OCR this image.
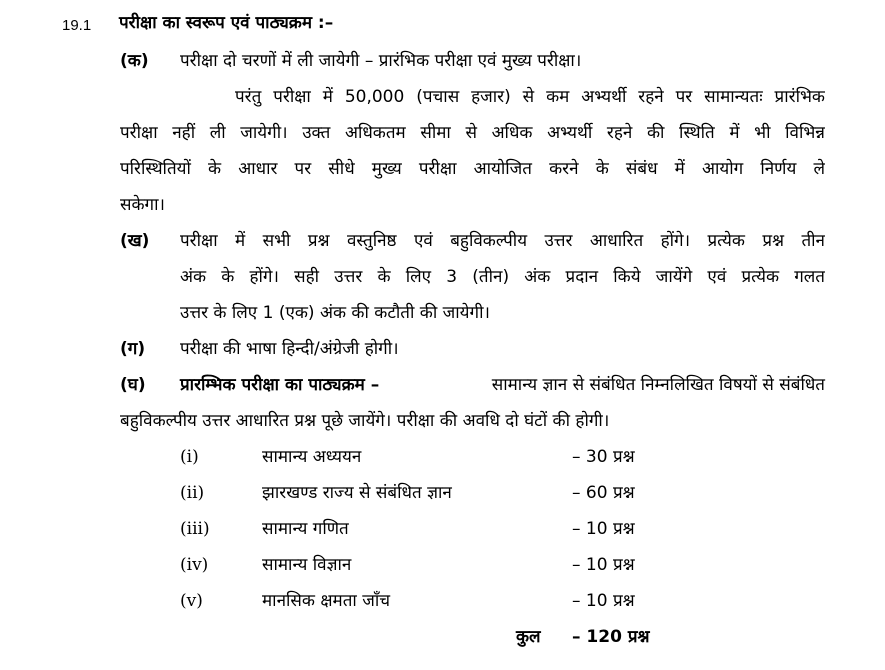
19.1 परीक्षा का स्वरूप एवं पाठ्यक्रम :–
(क) परीक्षा दो चरणों में ली जायेगी – प्रारंभिक परीक्षा एवं मुख्य परीक्षा।
परंतु परीक्षा में 50,000 (पचास हजार) से कम अभ्यर्थी रहने पर सामान्यतः प्रारंभिक
परीक्षा नहीं ली जायेगी। उक्त अधिकतम सीमा से अधिक अभ्यर्थी रहने की स्थिति में भी विभिन्न
परिस्थितियों के आधार पर सीधे मुख्य परीक्षा आयोजित करने के संबंध में आयोग निर्णय ले
सकेगा।
(ख) परीक्षा में सभी प्रश्न वस्तुनिष्ठ एवं बहुविकल्पीय उत्तर आधारित होंगे। प्रत्येक प्रश्न तीन
अंक के होंगे। सही उत्तर के लिए 3 (तीन) अंक प्रदान किये जायेंगे एवं प्रत्येक गलत
उत्तर के लिए 1 (एक) अंक की कटौती की जायेगी।
(ग) परीक्षा की भाषा हिन्दी/अंग्रेजी होगी।
(घ) प्रारम्भिक परीक्षा का पाठ्यक्रम –	सामान्य ज्ञान से संबंधित निम्नलिखित विषयों से संबंधित
बहुविकल्पीय उत्तर आधारित प्रश्न पूछे जायेंगे। परीक्षा की अवधि दो घंटों की होगी।
(i)	सामान्य अध्ययन	– 30 प्रश्न
(ii)	झारखण्ड राज्य से संबंधित ज्ञान	– 60 प्रश्न
(iii)	सामान्य गणित	– 10 प्रश्न
(iv)	सामान्य विज्ञान	– 10 प्रश्न
(v)	मानसिक क्षमता जाँच	– 10 प्रश्न
कुल – 120 प्रश्न
